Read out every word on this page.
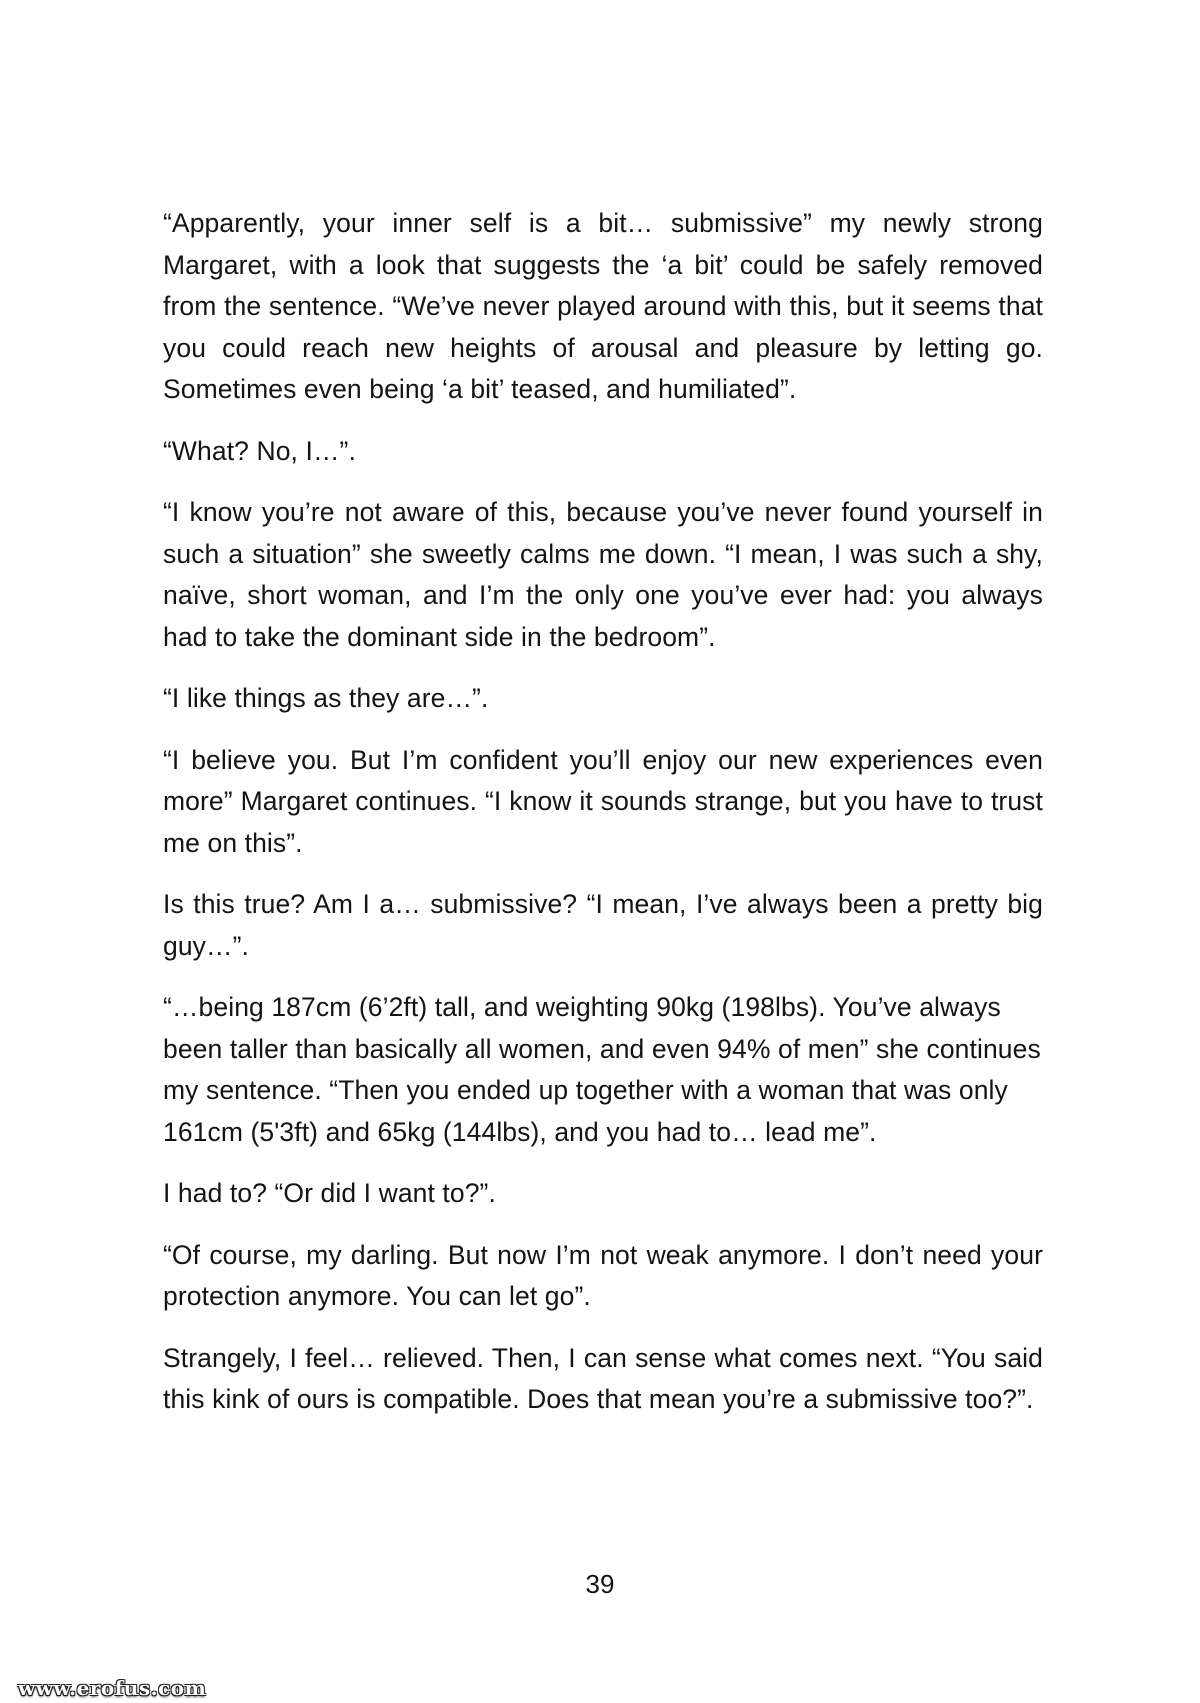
“Apparently, your inner self is a bit… submissive” my newly strong Margaret, with a look that suggests the ‘a bit’ could be safely removed from the sentence. “We’ve never played around with this, but it seems that you could reach new heights of arousal and pleasure by letting go. Sometimes even being ‘a bit’ teased, and humiliated”.

“What? No, I…”.

“I know you’re not aware of this, because you’ve never found yourself in such a situation” she sweetly calms me down. “I mean, I was such a shy, naïve, short woman, and I’m the only one you’ve ever had: you always had to take the dominant side in the bedroom”.

“I like things as they are…”.

“I believe you. But I’m confident you’ll enjoy our new experiences even more” Margaret continues. “I know it sounds strange, but you have to trust me on this”.

Is this true? Am I a… submissive? “I mean, I’ve always been a pretty big guy…”.

“…being 187cm (6’2ft) tall, and weighting 90kg (198lbs). You’ve always been taller than basically all women, and even 94% of men” she continues my sentence. “Then you ended up together with a woman that was only 161cm (5'3ft) and 65kg (144lbs), and you had to… lead me”.

I had to? “Or did I want to?”.

“Of course, my darling. But now I’m not weak anymore. I don’t need your protection anymore. You can let go”.

Strangely, I feel… relieved. Then, I can sense what comes next. “You said this kink of ours is compatible. Does that mean you’re a submissive too?”.

39
www.erofus.com
